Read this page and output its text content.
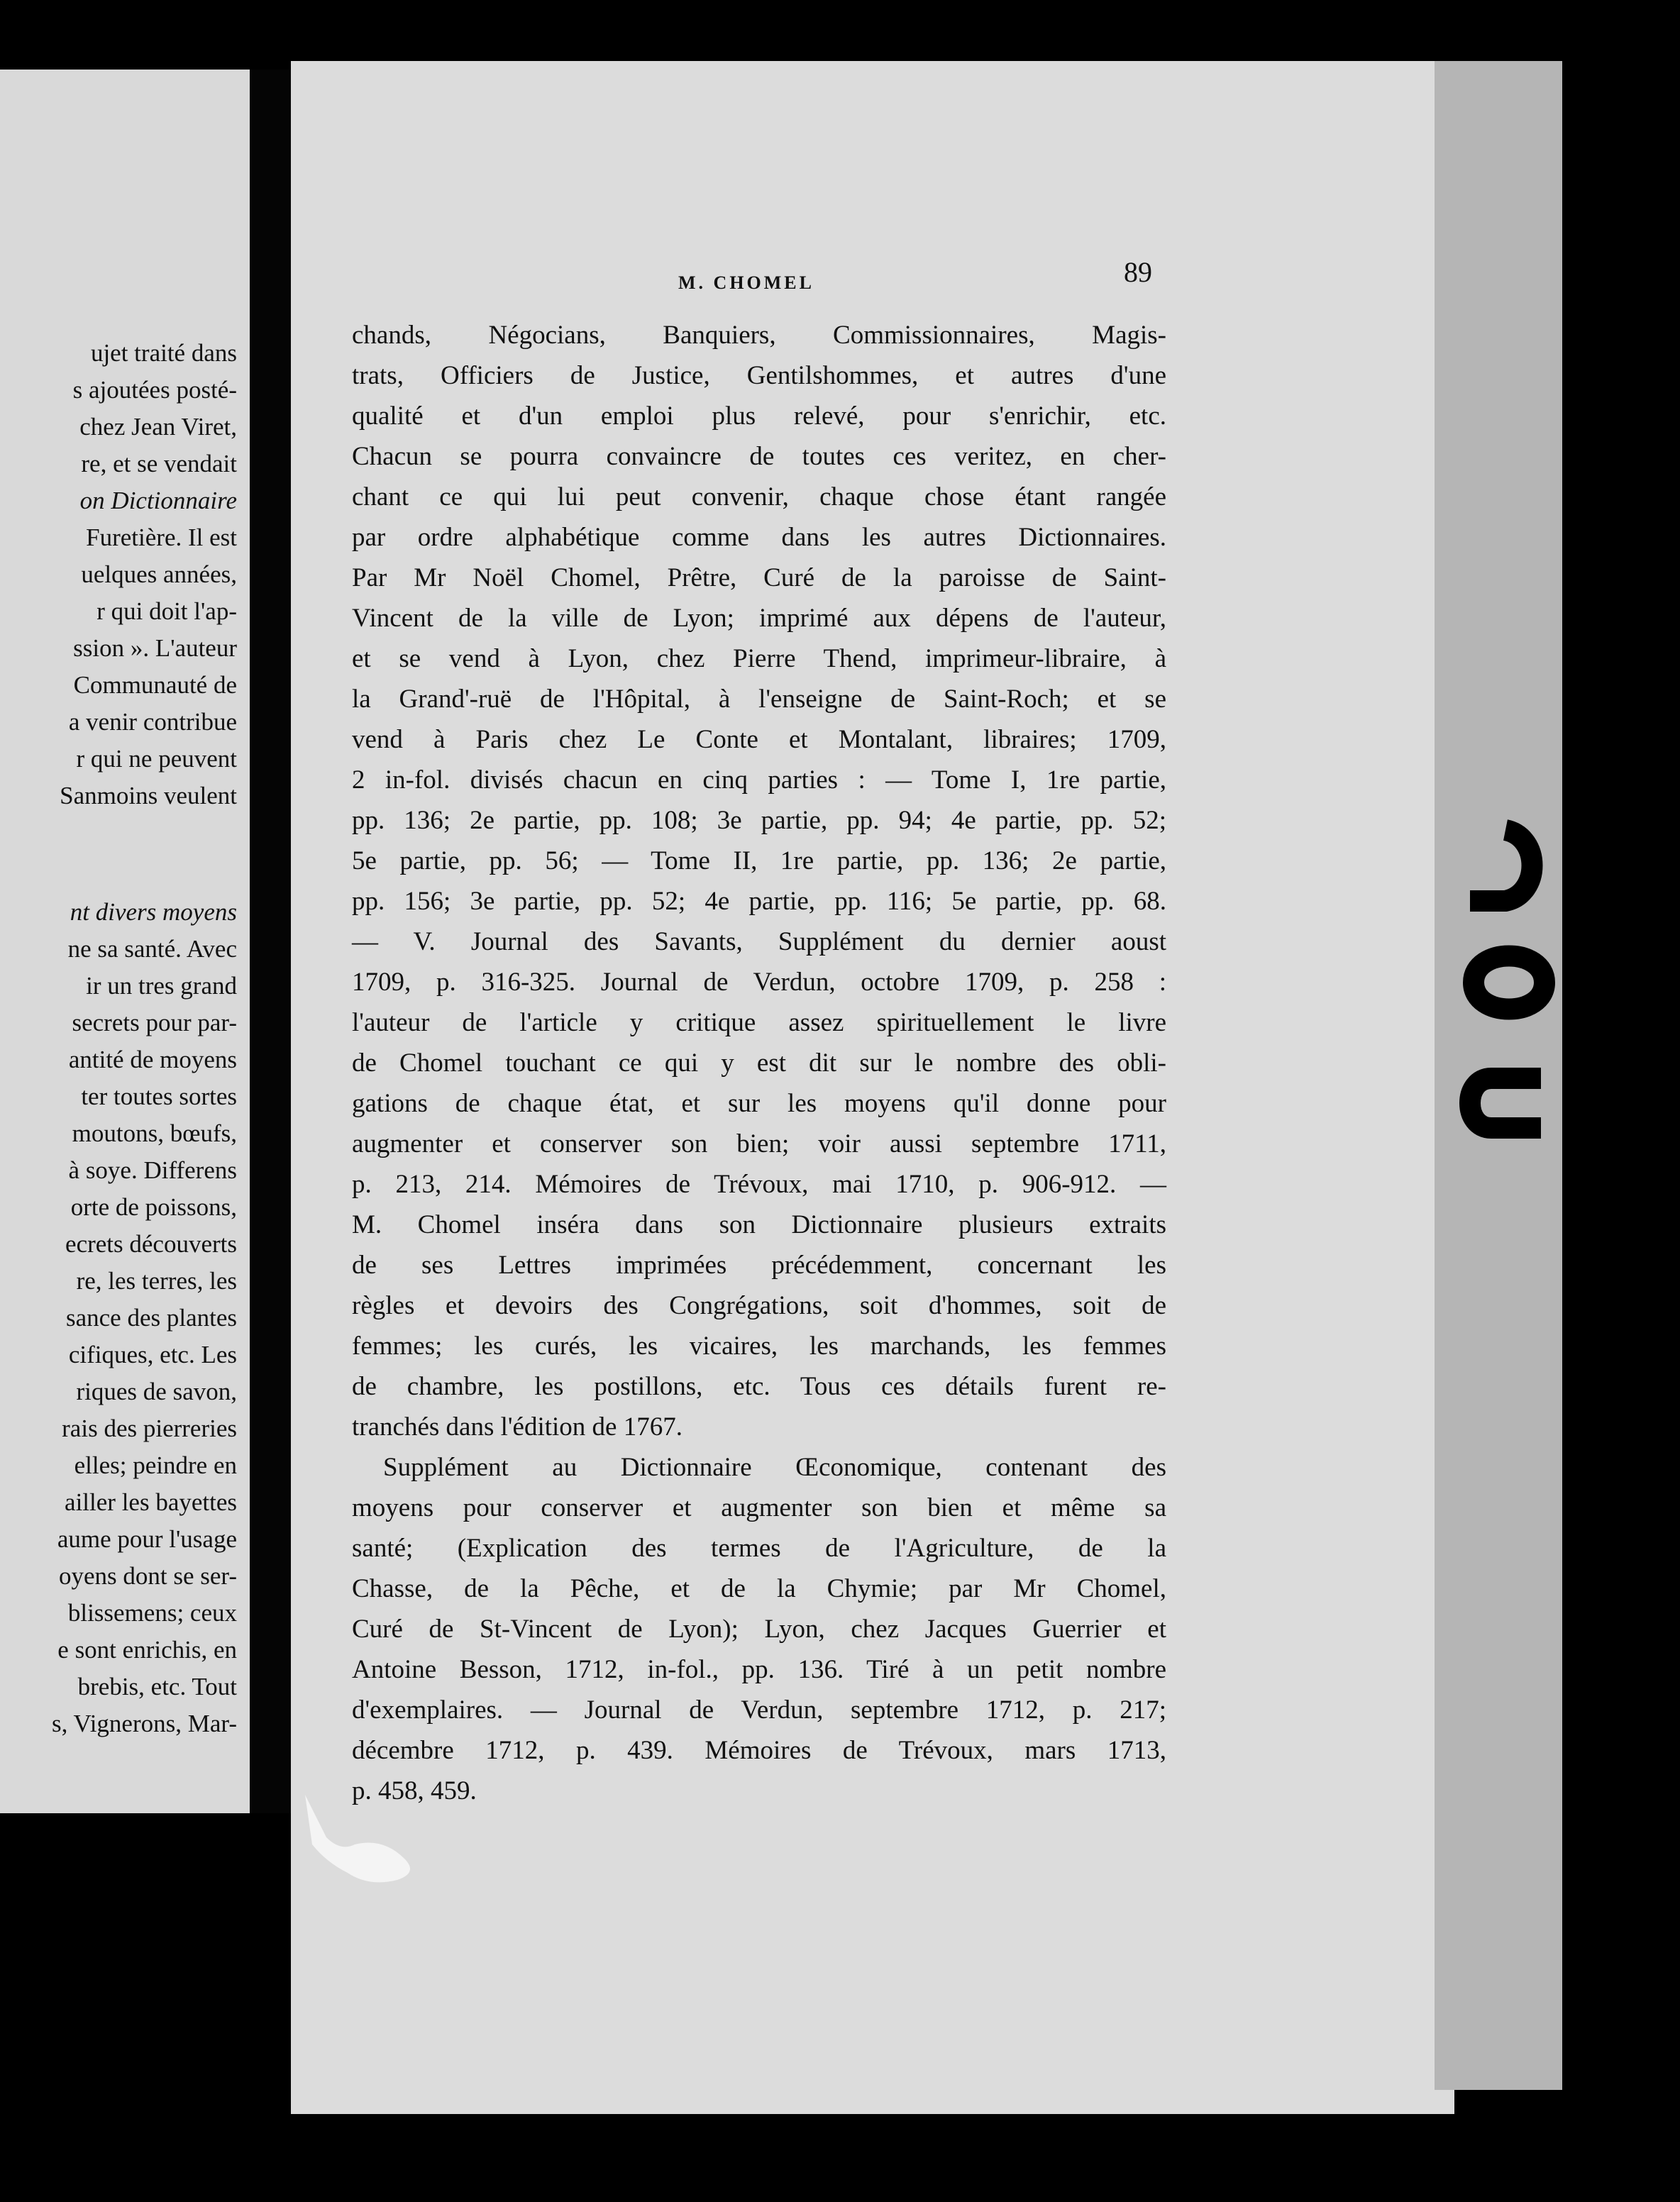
ujet traité dans
s ajoutées posté-
chez Jean Viret,
re, et se vendait
on Dictionnaire
Furetière. Il est
uelques années,
r qui doit l'ap-
ssion ». L'auteur
Communauté de
a venir contribue
r qui ne peuvent
Sanmoins veulent
nt divers moyens
ne sa santé. Avec
ir un tres grand
secrets pour par-
antité de moyens
ter toutes sortes
moutons, bœufs,
à soye. Differens
orte de poissons,
ecrets découverts
re, les terres, les
sance des plantes
cifiques, etc. Les
riques de savon,
rais des pierreries
elles; peindre en
ailler les bayettes
aume pour l'usage
oyens dont se ser-
blissemens; ceux
e sont enrichis, en
brebis, etc. Tout
s, Vignerons, Mar-
M. CHOMEL	89
chands, Négocians, Banquiers, Commissionnaires, Magis-
trats, Officiers de Justice, Gentilshommes, et autres d'une
qualité et d'un emploi plus relevé, pour s'enrichir, etc.
Chacun se pourra convaincre de toutes ces veritez, en cher-
chant ce qui lui peut convenir, chaque chose étant rangée
par ordre alphabétique comme dans les autres Dictionnaires.
Par Mr Noël Chomel, Prêtre, Curé de la paroisse de Saint-
Vincent de la ville de Lyon; imprimé aux dépens de l'auteur,
et se vend à Lyon, chez Pierre Thend, imprimeur-libraire, à
la Grand'-ruë de l'Hôpital, à l'enseigne de Saint-Roch; et se
vend à Paris chez Le Conte et Montalant, libraires; 1709,
2 in-fol. divisés chacun en cinq parties : — Tome I, 1re partie,
pp. 136; 2e partie, pp. 108; 3e partie, pp. 94; 4e partie, pp. 52;
5e partie, pp. 56; — Tome II, 1re partie, pp. 136; 2e partie,
pp. 156; 3e partie, pp. 52; 4e partie, pp. 116; 5e partie, pp. 68.
— V. Journal des Savants, Supplément du dernier aoust
1709, p. 316-325. Journal de Verdun, octobre 1709, p. 258 :
l'auteur de l'article y critique assez spirituellement le livre
de Chomel touchant ce qui y est dit sur le nombre des obli-
gations de chaque état, et sur les moyens qu'il donne pour
augmenter et conserver son bien; voir aussi septembre 1711,
p. 213, 214. Mémoires de Trévoux, mai 1710, p. 906-912. —
M. Chomel inséra dans son Dictionnaire plusieurs extraits
de ses Lettres imprimées précédemment, concernant les
règles et devoirs des Congrégations, soit d'hommes, soit de
femmes; les curés, les vicaires, les marchands, les femmes
de chambre, les postillons, etc. Tous ces détails furent re-
tranchés dans l'édition de 1767.
Supplément au Dictionnaire Œconomique, contenant des
moyens pour conserver et augmenter son bien et même sa
santé; (Explication des termes de l'Agriculture, de la
Chasse, de la Pêche, et de la Chymie; par Mr Chomel,
Curé de St-Vincent de Lyon); Lyon, chez Jacques Guerrier et
Antoine Besson, 1712, in-fol., pp. 136. Tiré à un petit nombre
d'exemplaires. — Journal de Verdun, septembre 1712, p. 217;
décembre 1712, p. 439. Mémoires de Trévoux, mars 1713,
p. 458, 459.
